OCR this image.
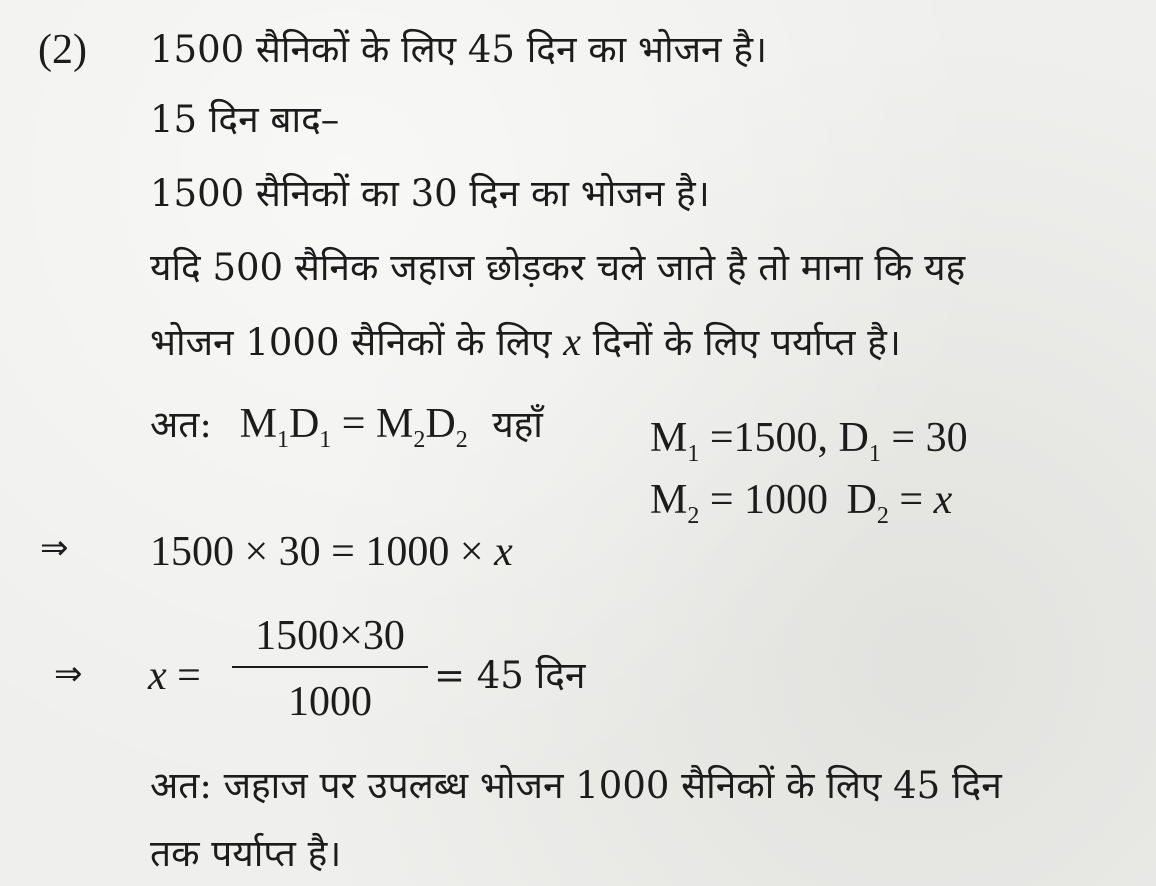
(2) 1500 सैनिकों के लिए 45 दिन का भोजन है।
15 दिन बाद–
1500 सैनिकों का 30 दिन का भोजन है।
यदि 500 सैनिक जहाज छोड़कर चले जाते है तो माना कि यह
भोजन 1000 सैनिकों के लिए x दिनों के लिए पर्याप्त है।
अत: $M_1D_1 = M_2D_2$ यहाँ	$M_1 =1500$, $D_1 = 30$
$M_2 = 1000$ $D_2 = x$
⇒ 1500 × 30 = 1000 × x
⇒ x =
1500×30
1000
= 45 दिन
अत: जहाज पर उपलब्ध भोजन 1000 सैनिकों के लिए 45 दिन
तक पर्याप्त है।
